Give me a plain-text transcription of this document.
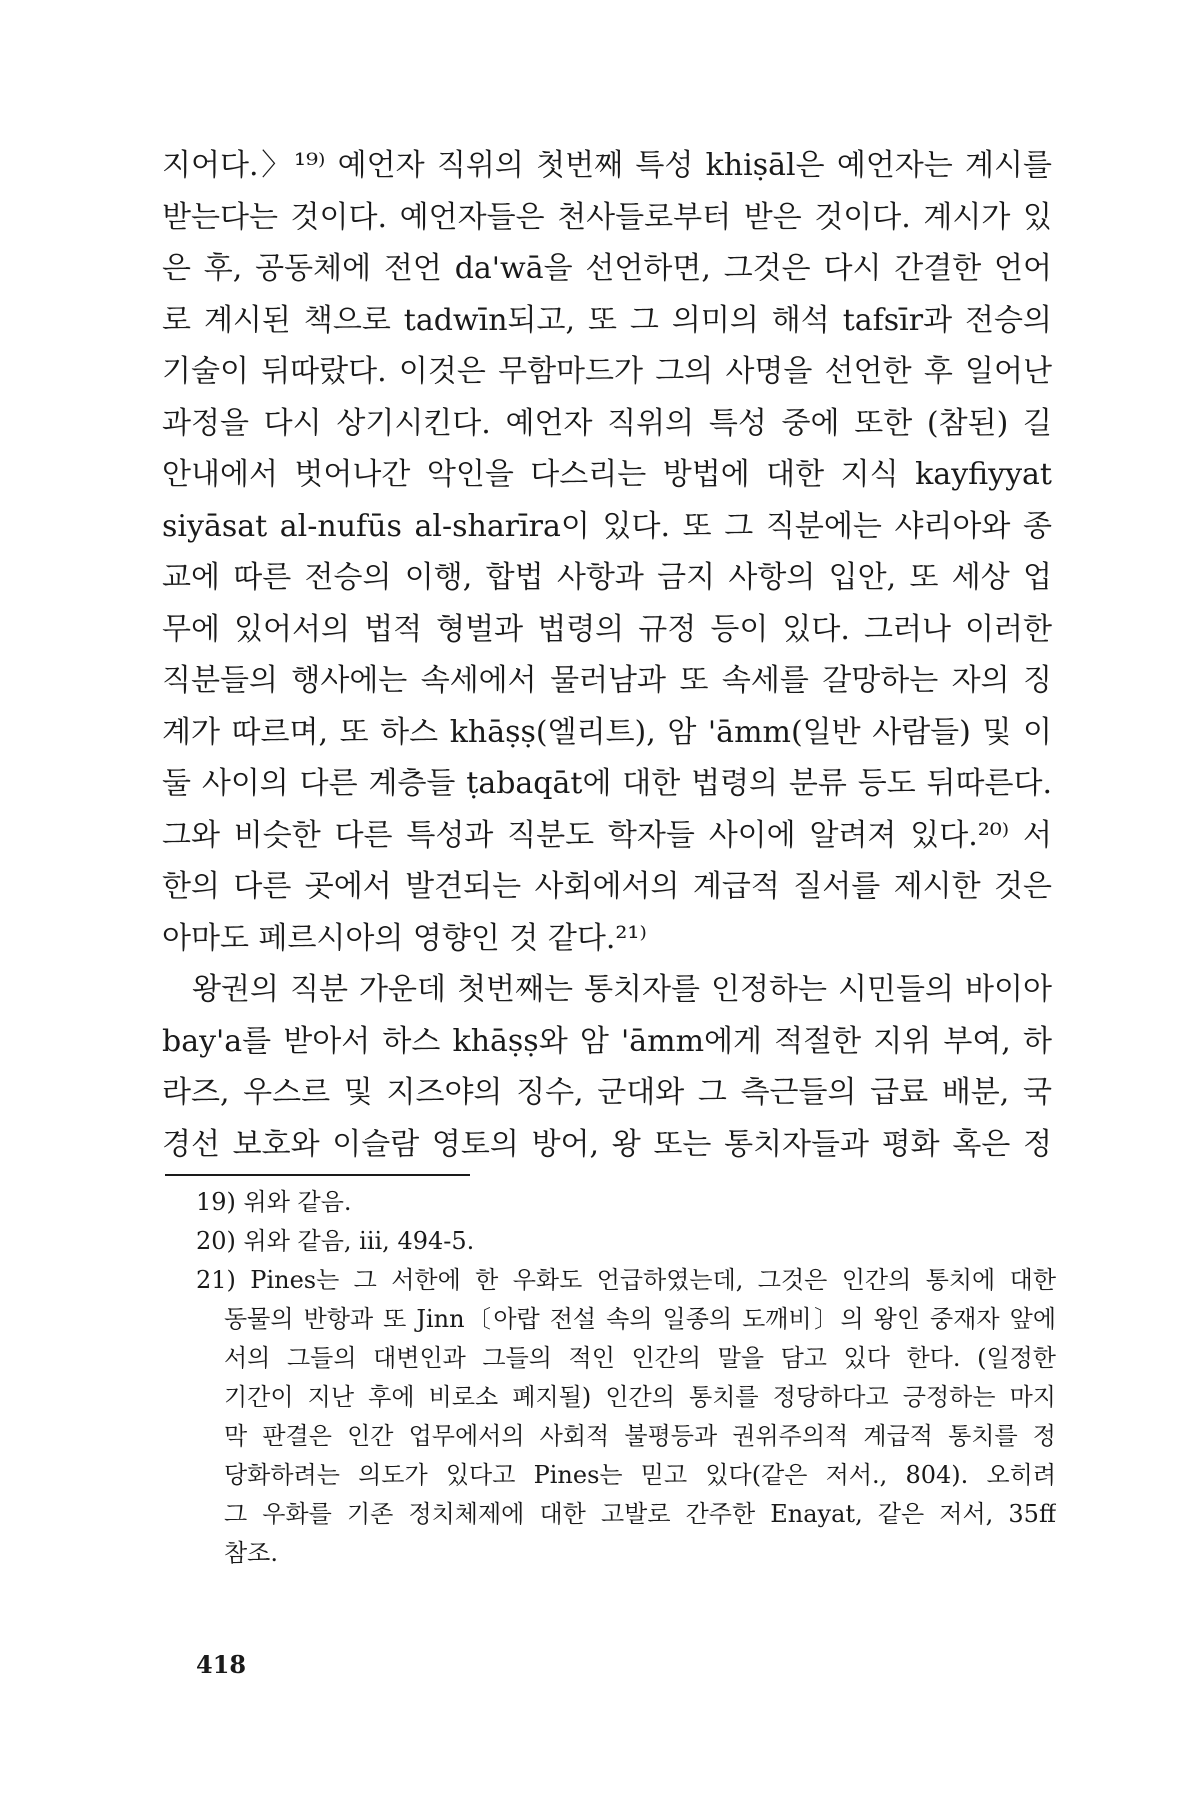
지어다.〉¹⁹⁾ 예언자 직위의 첫번째 특성 khiṣāl은 예언자는 계시를
받는다는 것이다. 예언자들은 천사들로부터 받은 것이다. 계시가 있
은 후, 공동체에 전언 da'wā을 선언하면, 그것은 다시 간결한 언어
로 계시된 책으로 tadwīn되고, 또 그 의미의 해석 tafsīr과 전승의
기술이 뒤따랐다. 이것은 무함마드가 그의 사명을 선언한 후 일어난
과정을 다시 상기시킨다. 예언자 직위의 특성 중에 또한 (참된) 길
안내에서 벗어나간 악인을 다스리는 방법에 대한 지식 kayfiyyat
siyāsat al-nufūs al-sharīra이 있다. 또 그 직분에는 샤리아와 종
교에 따른 전승의 이행, 합법 사항과 금지 사항의 입안, 또 세상 업
무에 있어서의 법적 형벌과 법령의 규정 등이 있다. 그러나 이러한
직분들의 행사에는 속세에서 물러남과 또 속세를 갈망하는 자의 징
계가 따르며, 또 하스 khāṣṣ(엘리트), 암 'āmm(일반 사람들) 및 이
둘 사이의 다른 계층들 ṭabaqāt에 대한 법령의 분류 등도 뒤따른다.
그와 비슷한 다른 특성과 직분도 학자들 사이에 알려져 있다.²⁰⁾ 서
한의 다른 곳에서 발견되는 사회에서의 계급적 질서를 제시한 것은
아마도 페르시아의 영향인 것 같다.²¹⁾
왕권의 직분 가운데 첫번째는 통치자를 인정하는 시민들의 바이아
bay'a를 받아서 하스 khāṣṣ와 암 'āmm에게 적절한 지위 부여, 하
라즈, 우스르 및 지즈야의 징수, 군대와 그 측근들의 급료 배분, 국
경선 보호와 이슬람 영토의 방어, 왕 또는 통치자들과 평화 혹은 정
19) 위와 같음.
20) 위와 같음, iii, 494-5.
21) Pines는 그 서한에 한 우화도 언급하였는데, 그것은 인간의 통치에 대한
동물의 반항과 또 Jinn〔아랍 전설 속의 일종의 도깨비〕의 왕인 중재자 앞에
서의 그들의 대변인과 그들의 적인 인간의 말을 담고 있다 한다. (일정한
기간이 지난 후에 비로소 폐지될) 인간의 통치를 정당하다고 긍정하는 마지
막 판결은 인간 업무에서의 사회적 불평등과 권위주의적 계급적 통치를 정
당화하려는 의도가 있다고 Pines는 믿고 있다(같은 저서., 804). 오히려
그 우화를 기존 정치체제에 대한 고발로 간주한 Enayat, 같은 저서, 35ff
참조.
418
